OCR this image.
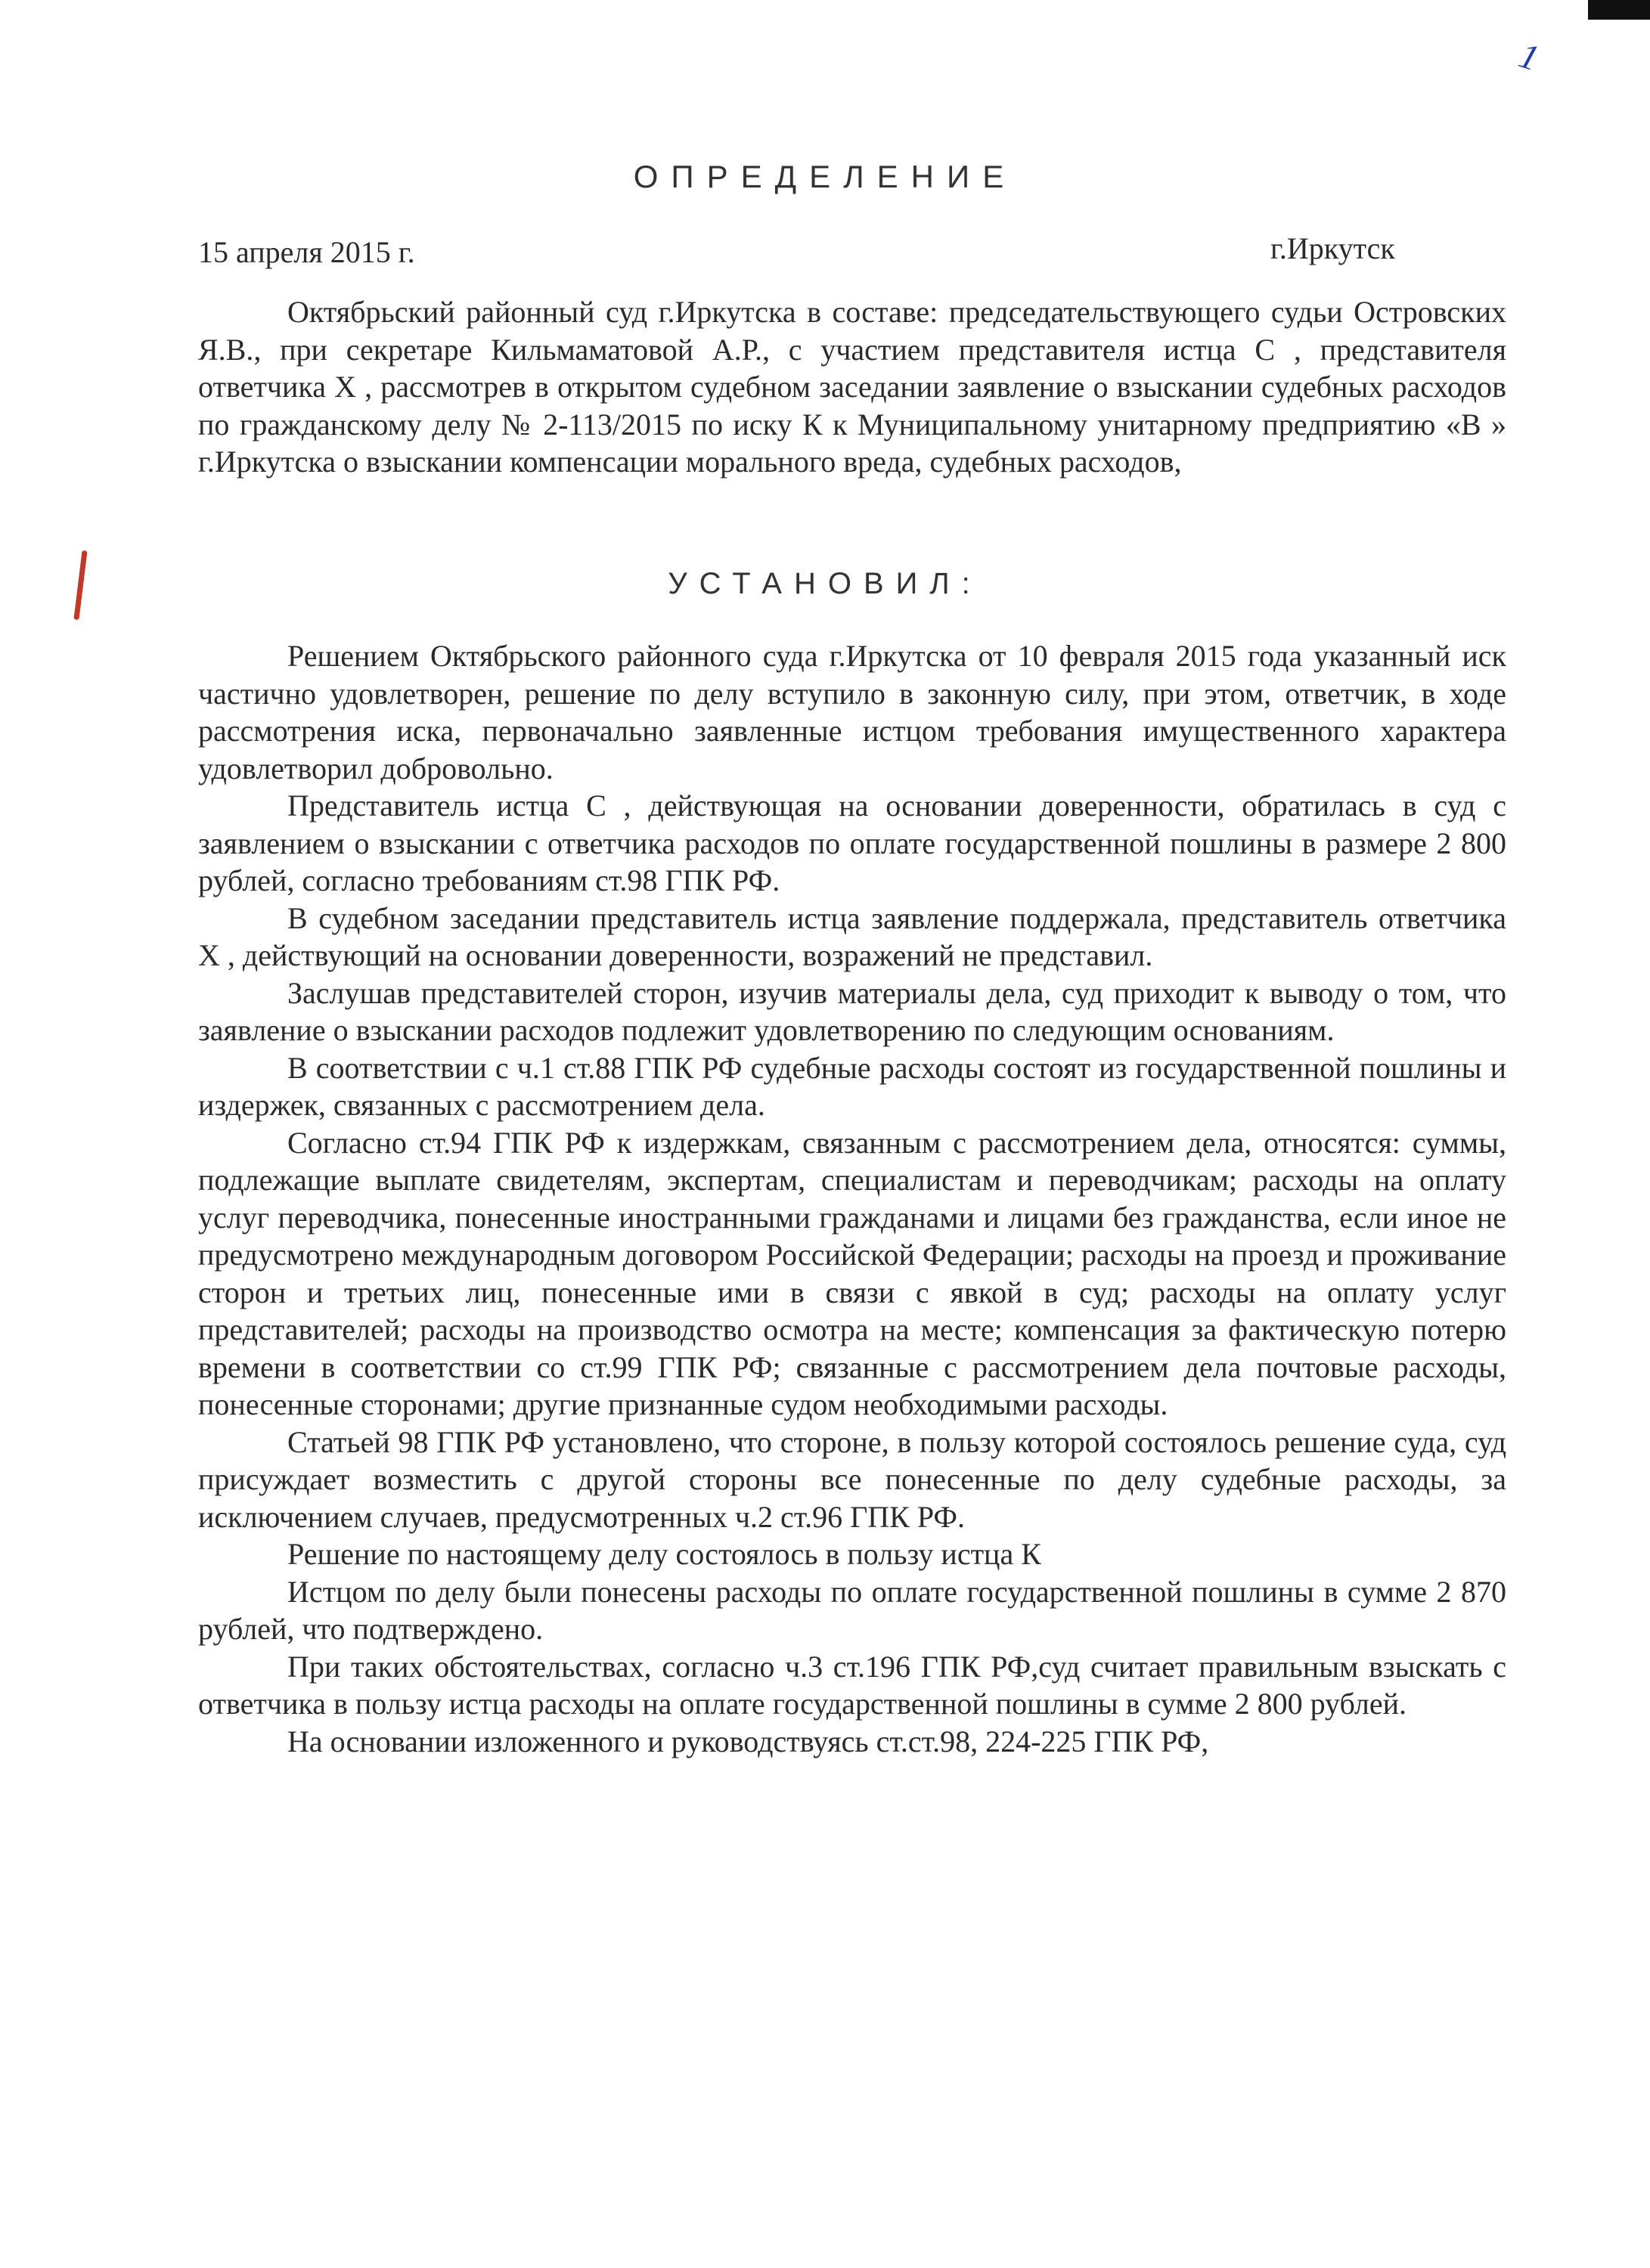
1
ОПРЕДЕЛЕНИЕ
15 апреля 2015 г.	г.Иркутск

Октябрьский районный суд г.Иркутска в составе: председательствующего судьи Островских Я.В., при секретаре Кильмаматовой А.Р., с участием представителя истца С , представителя ответчика Х , рассмотрев в открытом судебном заседании заявление о взыскании судебных расходов по гражданскому делу № 2-113/2015 по иску К к Муниципальному унитарному предприятию «В » г.Иркутска о взыскании компенсации морального вреда, судебных расходов,

УСТАНОВИЛ:

Решением Октябрьского районного суда г.Иркутска от 10 февраля 2015 года указанный иск частично удовлетворен, решение по делу вступило в законную силу, при этом, ответчик, в ходе рассмотрения иска, первоначально заявленные истцом требования имущественного характера удовлетворил добровольно.

Представитель истца С , действующая на основании доверенности, обратилась в суд с заявлением о взыскании с ответчика расходов по оплате государственной пошлины в размере 2 800 рублей, согласно требованиям ст.98 ГПК РФ.

В судебном заседании представитель истца заявление поддержала, представитель ответчика Х , действующий на основании доверенности, возражений не представил.

Заслушав представителей сторон, изучив материалы дела, суд приходит к выводу о том, что заявление о взыскании расходов подлежит удовлетворению по следующим основаниям.

В соответствии с ч.1 ст.88 ГПК РФ судебные расходы состоят из государственной пошлины и издержек, связанных с рассмотрением дела.

Согласно ст.94 ГПК РФ к издержкам, связанным с рассмотрением дела, относятся: суммы, подлежащие выплате свидетелям, экспертам, специалистам и переводчикам; расходы на оплату услуг переводчика, понесенные иностранными гражданами и лицами без гражданства, если иное не предусмотрено международным договором Российской Федерации; расходы на проезд и проживание сторон и третьих лиц, понесенные ими в связи с явкой в суд; расходы на оплату услуг представителей; расходы на производство осмотра на месте; компенсация за фактическую потерю времени в соответствии со ст.99 ГПК РФ; связанные с рассмотрением дела почтовые расходы, понесенные сторонами; другие признанные судом необходимыми расходы.

Статьей 98 ГПК РФ установлено, что стороне, в пользу которой состоялось решение суда, суд присуждает возместить с другой стороны все понесенные по делу судебные расходы, за исключением случаев, предусмотренных ч.2 ст.96 ГПК РФ.

Решение по настоящему делу состоялось в пользу истца К

Истцом по делу были понесены расходы по оплате государственной пошлины в сумме 2 870 рублей, что подтверждено.

При таких обстоятельствах, согласно ч.3 ст.196 ГПК РФ,суд считает правильным взыскать с ответчика в пользу истца расходы на оплате государственной пошлины в сумме 2 800 рублей.

На основании изложенного и руководствуясь ст.ст.98, 224-225 ГПК РФ,
